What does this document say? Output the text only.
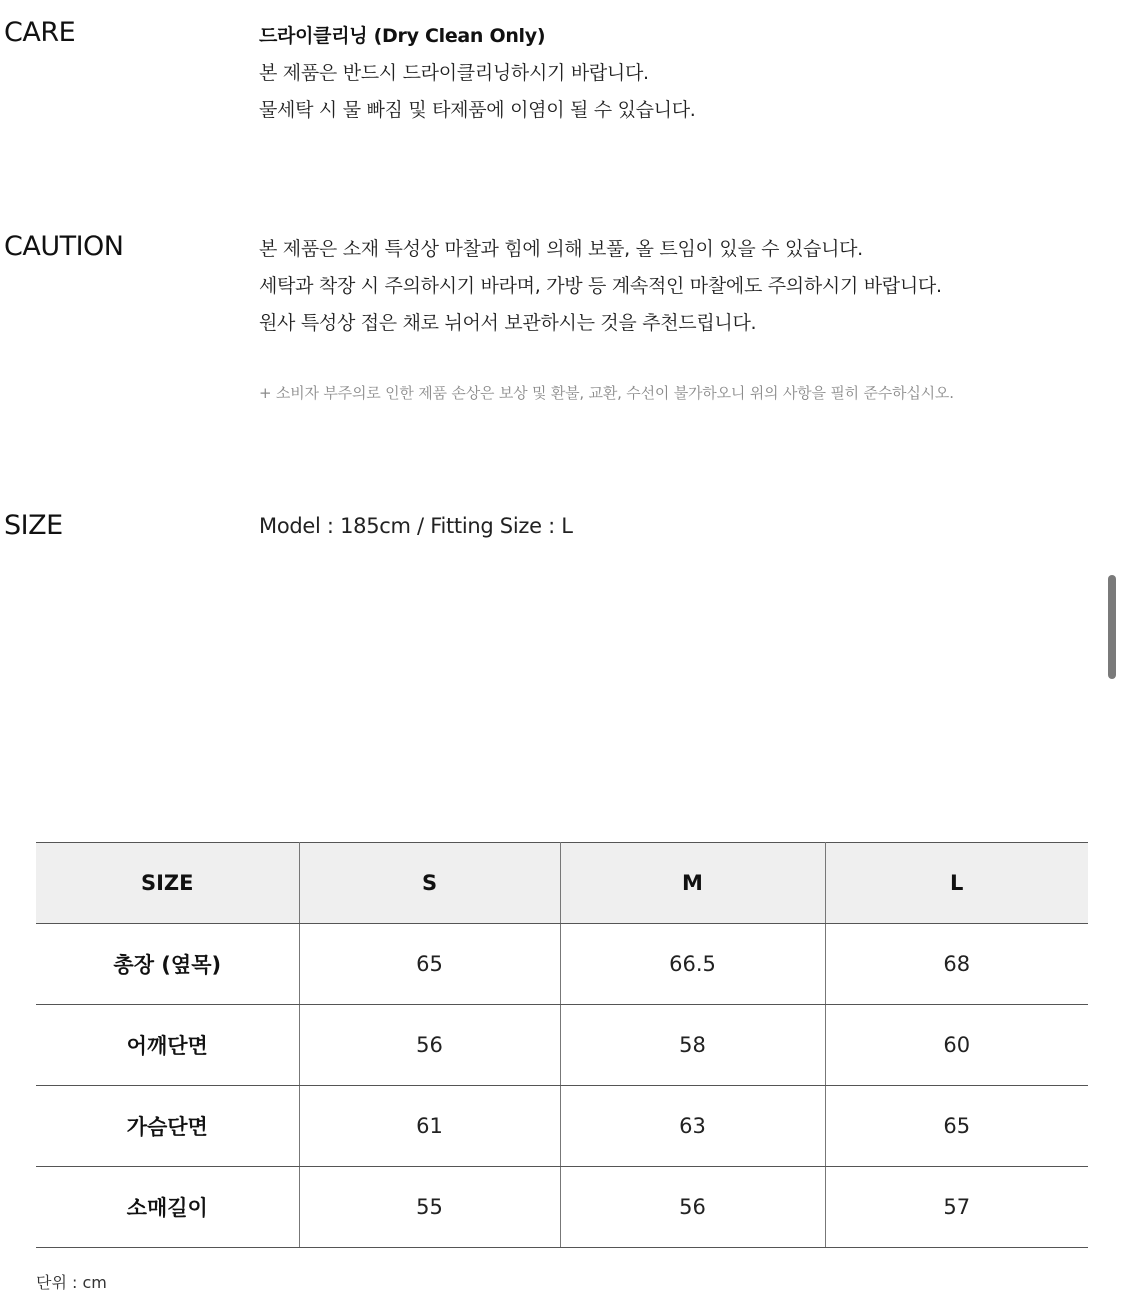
CARE	드라이클리닝 (Dry Clean Only)
본 제품은 반드시 드라이클리닝하시기 바랍니다.
물세탁 시 물 빠짐 및 타제품에 이염이 될 수 있습니다.
CAUTION	본 제품은 소재 특성상 마찰과 힘에 의해 보풀, 올 트임이 있을 수 있습니다.
세탁과 착장 시 주의하시기 바라며, 가방 등 계속적인 마찰에도 주의하시기 바랍니다.
원사 특성상 접은 채로 뉘어서 보관하시는 것을 추천드립니다.
+ 소비자 부주의로 인한 제품 손상은 보상 및 환불, 교환, 수선이 불가하오니 위의 사항을 필히 준수하십시오.
SIZE	Model : 185cm / Fitting Size : L
SIZE	S	M	L
총장 (옆목)	65	66.5	68
어깨단면	56	58	60
가슴단면	61	63	65
소매길이	55	56	57
단위 : cm
